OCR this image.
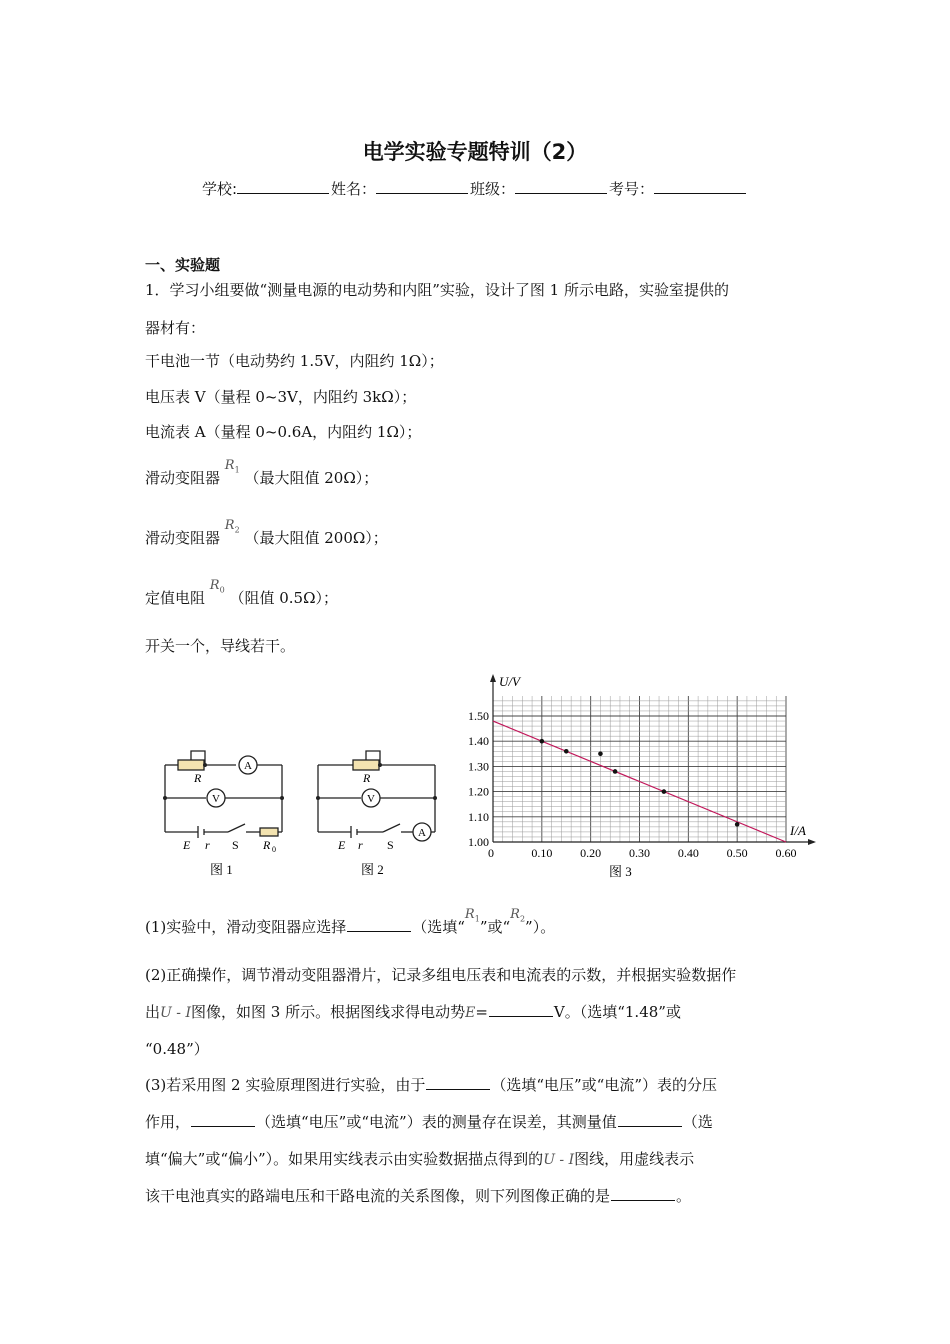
电学实验专题特训（2）
学校:	姓名：	班级：	考号：
一、实验题
1．学习小组要做“测量电源的电动势和内阻”实验，设计了图 1 所示电路，实验室提供的
器材有：
干电池一节（电动势约 1.5V，内阻约 1Ω）；
电压表 V（量程 0~3V，内阻约 3kΩ）；
电流表 A（量程 0~0.6A，内阻约 1Ω）；
滑动变阻器 $R_1$ （最大阻值 20Ω）；
滑动变阻器 $R_2$ （最大阻值 200Ω）；
定值电阻 $R_0$ （阻值 0.5Ω）；
开关一个，导线若干。
A
V
R
E r S R 0
图 1
V
A
R
E r S
图 2
0	0.10 0.20 0.30 0.40 0.50 0.60
1.00
1.10
1.20
1.30
1.40
1.50
U/V
I/A
图 3
(1)实验中，滑动变阻器应选择	（选填“$R_1$”或“$R_2$”）。
(2)正确操作，调节滑动变阻器滑片，记录多组电压表和电流表的示数，并根据实验数据作
出U - I图像，如图 3 所示。根据图线求得电动势E=	V。（选填“1.48”或
“0.48”）
(3)若采用图 2 实验原理图进行实验，由于	（选填“电压”或“电流”）表的分压
作用，	（选填“电压”或“电流”）表的测量存在误差，其测量值	（选
填“偏大”或“偏小”）。如果用实线表示由实验数据描点得到的U - I图线，用虚线表示
该干电池真实的路端电压和干路电流的关系图像，则下列图像正确的是	。
